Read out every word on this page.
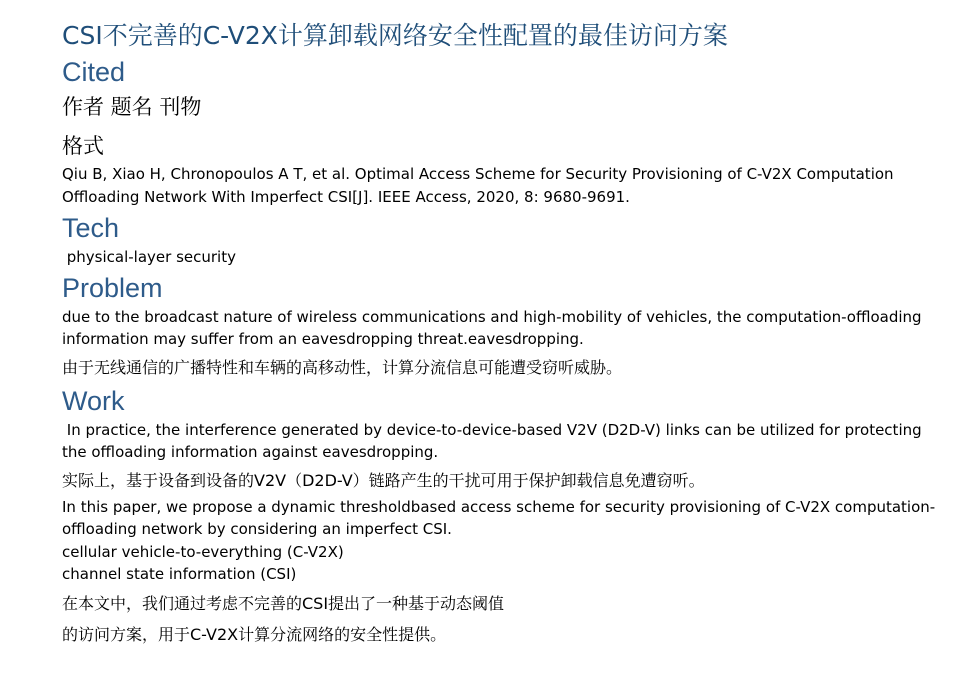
CSI不完善的C-V2X计算卸载网络安全性配置的最佳访问方案
Cited
作者 题名 刊物
格式
Qiu B, Xiao H, Chronopoulos A T, et al. Optimal Access Scheme for Security Provisioning of C-V2X Computation Offloading Network With Imperfect CSI[J]. IEEE Access, 2020, 8: 9680-9691.
Tech
physical-layer security
Problem
due to the broadcast nature of wireless communications and high-mobility of vehicles, the computation-offloading information may suffer from an eavesdropping threat.eavesdropping.
由于无线通信的广播特性和车辆的高移动性，计算分流信息可能遭受窃听威胁。
Work
In practice, the interference generated by device-to-device-based V2V (D2D-V) links can be utilized for protecting the offloading information against eavesdropping.
实际上，基于设备到设备的V2V（D2D-V）链路产生的干扰可用于保护卸载信息免遭窃听。
In this paper, we propose a dynamic thresholdbased access scheme for security provisioning of C-V2X computation-offloading network by considering an imperfect CSI.
cellular vehicle-to-everything (C-V2X)
channel state information (CSI)
在本文中，我们通过考虑不完善的CSI提出了一种基于动态阈值
的访问方案，用于C-V2X计算分流网络的安全性提供。
